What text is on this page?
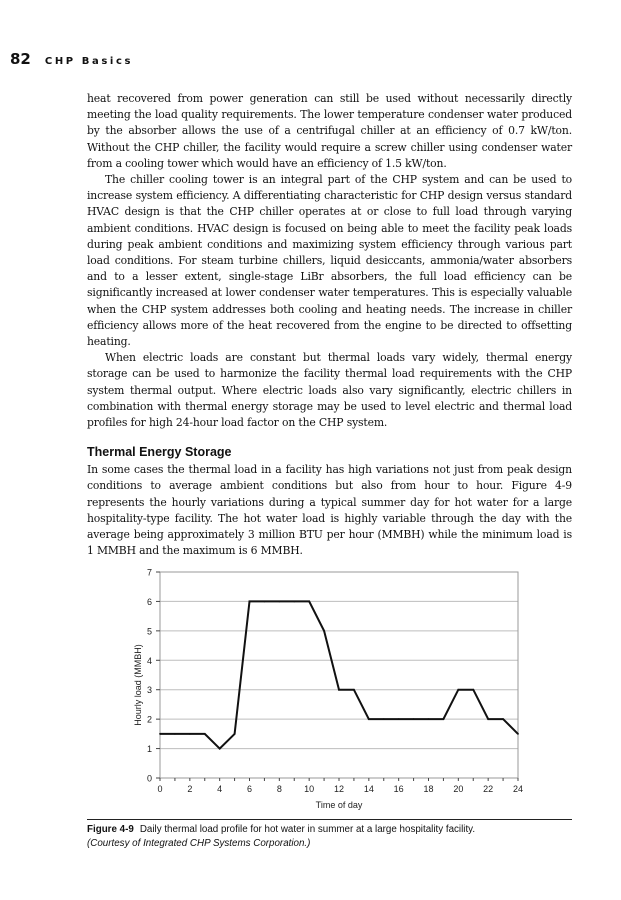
82 CHP Basics

heat recovered from power generation can still be used without necessarily directly meeting the load quality requirements. The lower temperature condenser water produced by the absorber allows the use of a centrifugal chiller at an efficiency of 0.7 kW/ton. Without the CHP chiller, the facility would require a screw chiller using condenser water from a cooling tower which would have an efficiency of 1.5 kW/ton.

The chiller cooling tower is an integral part of the CHP system and can be used to increase system efficiency. A differentiating characteristic for CHP design versus standard HVAC design is that the CHP chiller operates at or close to full load through varying ambient conditions. HVAC design is focused on being able to meet the facility peak loads during peak ambient conditions and maximizing system efficiency through various part load conditions. For steam turbine chillers, liquid desiccants, ammonia/water absorbers and to a lesser extent, single-stage LiBr absorbers, the full load efficiency can be significantly increased at lower condenser water temperatures. This is especially valuable when the CHP system addresses both cooling and heating needs. The increase in chiller efficiency allows more of the heat recovered from the engine to be directed to offsetting heating.

When electric loads are constant but thermal loads vary widely, thermal energy storage can be used to harmonize the facility thermal load requirements with the CHP system thermal output. Where electric loads also vary significantly, electric chillers in combination with thermal energy storage may be used to level electric and thermal load profiles for high 24-hour load factor on the CHP system.

Thermal Energy Storage

In some cases the thermal load in a facility has high variations not just from peak design conditions to average ambient conditions but also from hour to hour. Figure 4-9 represents the hourly variations during a typical summer day for hot water for a large hospitality-type facility. The hot water load is highly variable through the day with the average being approximately 3 million BTU per hour (MMBH) while the minimum load is 1 MMBH and the maximum is 6 MMBH.

0
1
2
3
4
5
6
7
0	2	4	6	8 10 12 14 16 18 20 22 24
Time of day
Hourly load (MMBH)
Figure 4-9 Daily thermal load profile for hot water in summer at a large hospitality facility.
(Courtesy of Integrated CHP Systems Corporation.)
